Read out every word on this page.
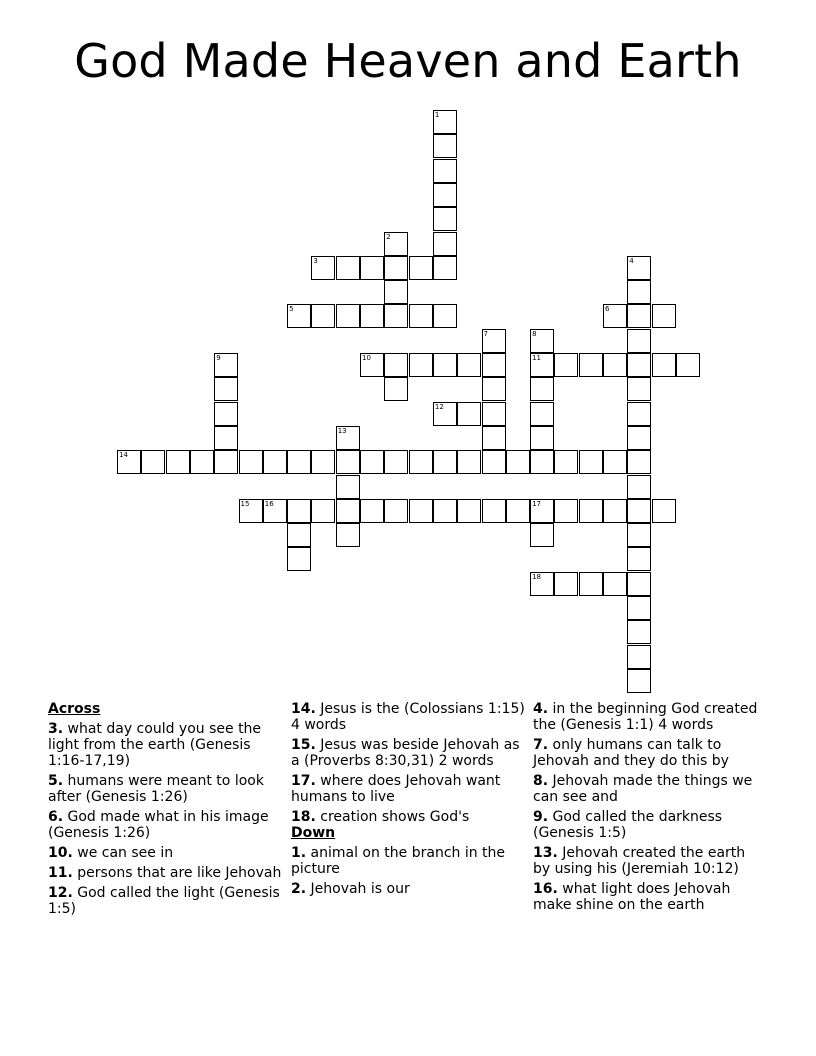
God Made Heaven and Earth
1
2
3	4
5	6
7	8
9	10	11
12
13
14
15 16	17
18
Across
3. what day could you see the light from the earth (Genesis 1:16-17,19)
5. humans were meant to look after (Genesis 1:26)
6. God made what in his image (Genesis 1:26)
10. we can see in
11. persons that are like Jehovah
12. God called the light (Genesis 1:5)
14. Jesus is the (Colossians 1:15) 4 words
15. Jesus was beside Jehovah as a (Proverbs 8:30,31) 2 words
17. where does Jehovah want humans to live
18. creation shows God's
Down
1. animal on the branch in the picture
2. Jehovah is our
4. in the beginning God created the (Genesis 1:1) 4 words
7. only humans can talk to Jehovah and they do this by
8. Jehovah made the things we can see and
9. God called the darkness (Genesis 1:5)
13. Jehovah created the earth by using his (Jeremiah 10:12)
16. what light does Jehovah make shine on the earth
